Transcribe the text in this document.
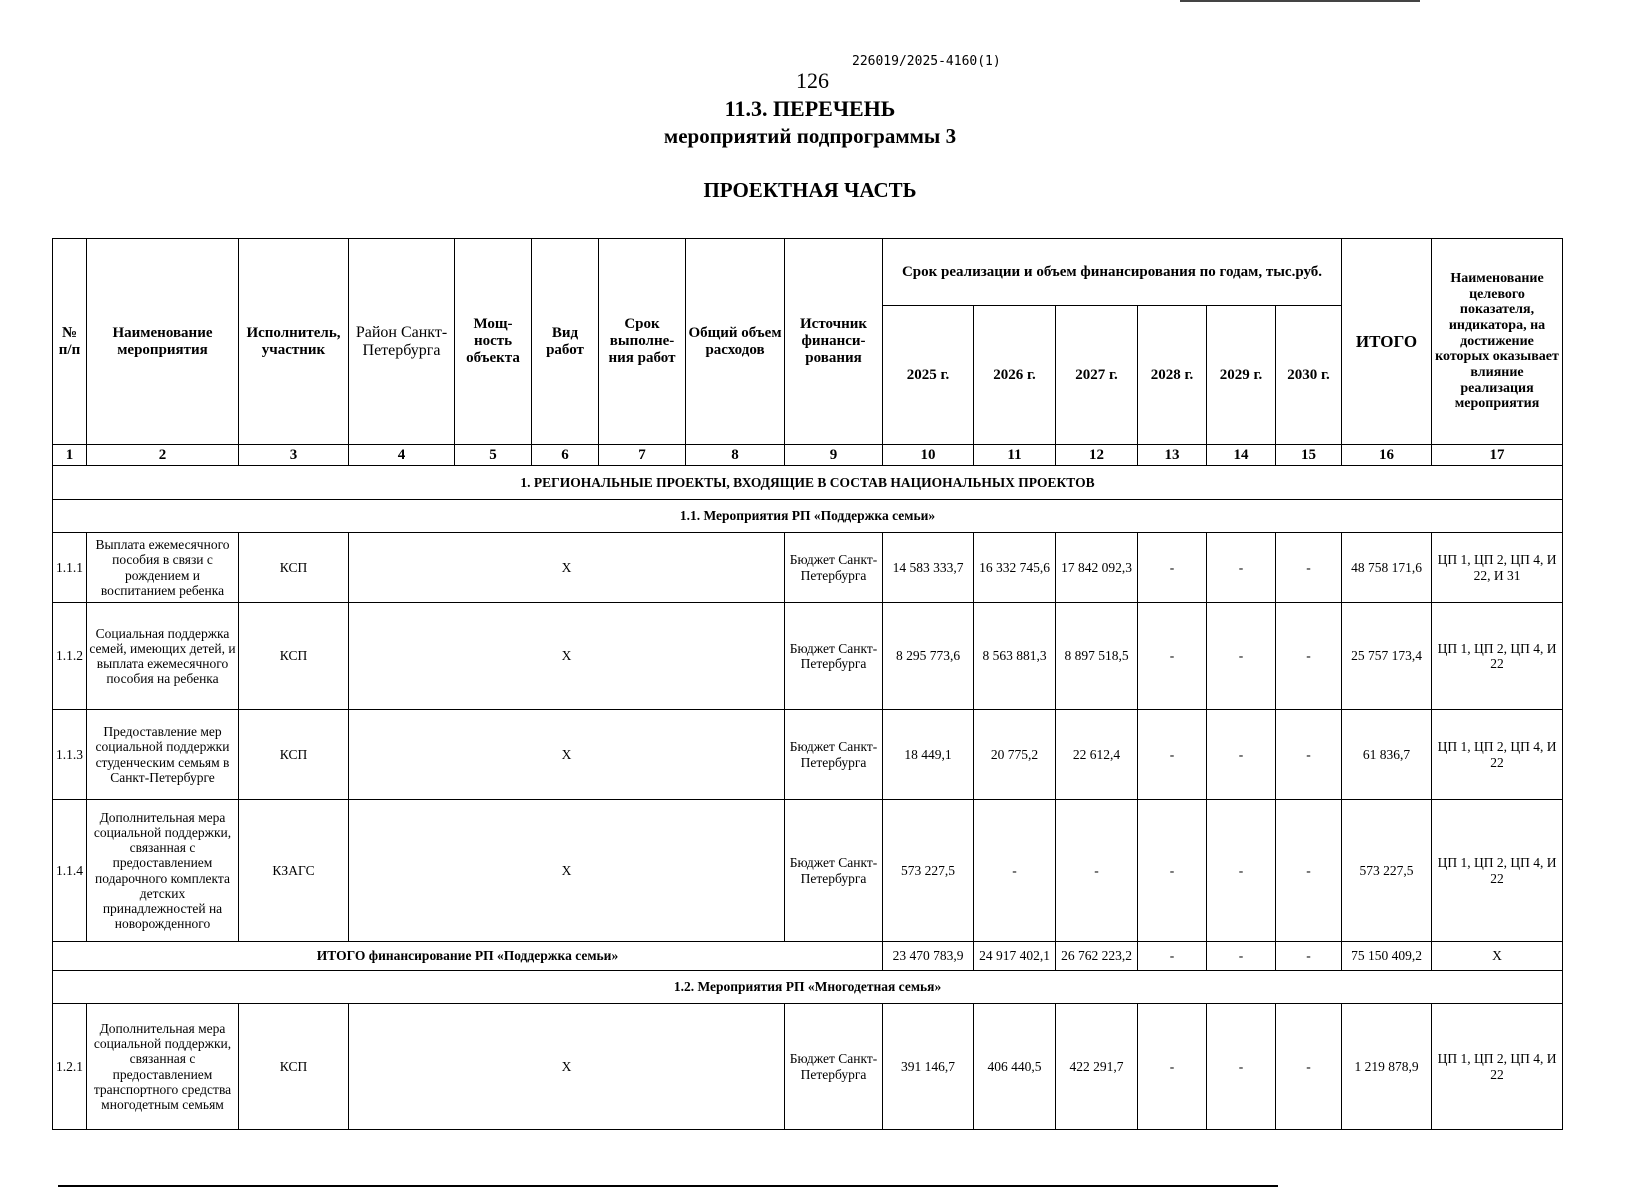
226019/2025-4160(1)
126
11.3. ПЕРЕЧЕНЬ
мероприятий подпрограммы 3
ПРОЕКТНАЯ ЧАСТЬ
№ п/п	Наименование мероприятия	Исполнитель, участник	Район Санкт-Петербурга	Мощ-ность объекта	Вид работ	Срок выполне-ния работ	Общий объем расходов	Источник финанси-рования	Срок реализации и объем финансирования по годам, тыс.руб.						ИТОГО	Наименование целевого показателя, индикатора, на достижение которых оказывает влияние реализация мероприятия
									2025 г.	2026 г.	2027 г.	2028 г.	2029 г.	2030 г.		
1	2	3	4	5	6	7	8	9	10	11	12	13	14	15	16	17
1. РЕГИОНАЛЬНЫЕ ПРОЕКТЫ, ВХОДЯЩИЕ В СОСТАВ НАЦИОНАЛЬНЫХ ПРОЕКТОВ																
1.1. Мероприятия РП «Поддержка семьи»																
1.1.1	Выплата ежемесячного пособия в связи с рождением и воспитанием ребенка	КСП	X					Бюджет Санкт-Петербурга	14 583 333,7	16 332 745,6	17 842 092,3	-	-	-	48 758 171,6	ЦП 1, ЦП 2, ЦП 4, И 22, И 31
1.1.2	Социальная поддержка семей, имеющих детей, и выплата ежемесячного пособия на ребенка	КСП	X					Бюджет Санкт-Петербурга	8 295 773,6	8 563 881,3	8 897 518,5	-	-	-	25 757 173,4	ЦП 1, ЦП 2, ЦП 4, И 22
1.1.3	Предоставление мер социальной поддержки студенческим семьям в Санкт-Петербурге	КСП	X					Бюджет Санкт-Петербурга	18 449,1	20 775,2	22 612,4	-	-	-	61 836,7	ЦП 1, ЦП 2, ЦП 4, И 22
1.1.4	Дополнительная мера социальной поддержки, связанная с предоставлением подарочного комплекта детских принадлежностей на новорожденного	КЗАГС	X					Бюджет Санкт-Петербурга	573 227,5	-	-	-	-	-	573 227,5	ЦП 1, ЦП 2, ЦП 4, И 22
ИТОГО финансирование РП «Поддержка семьи»									23 470 783,9	24 917 402,1	26 762 223,2	-	-	-	75 150 409,2	X
1.2. Мероприятия РП «Многодетная семья»																
1.2.1	Дополнительная мера социальной поддержки, связанная с предоставлением транспортного средства многодетным семьям	КСП	X					Бюджет Санкт-Петербурга	391 146,7	406 440,5	422 291,7	-	-	-	1 219 878,9	ЦП 1, ЦП 2, ЦП 4, И 22
